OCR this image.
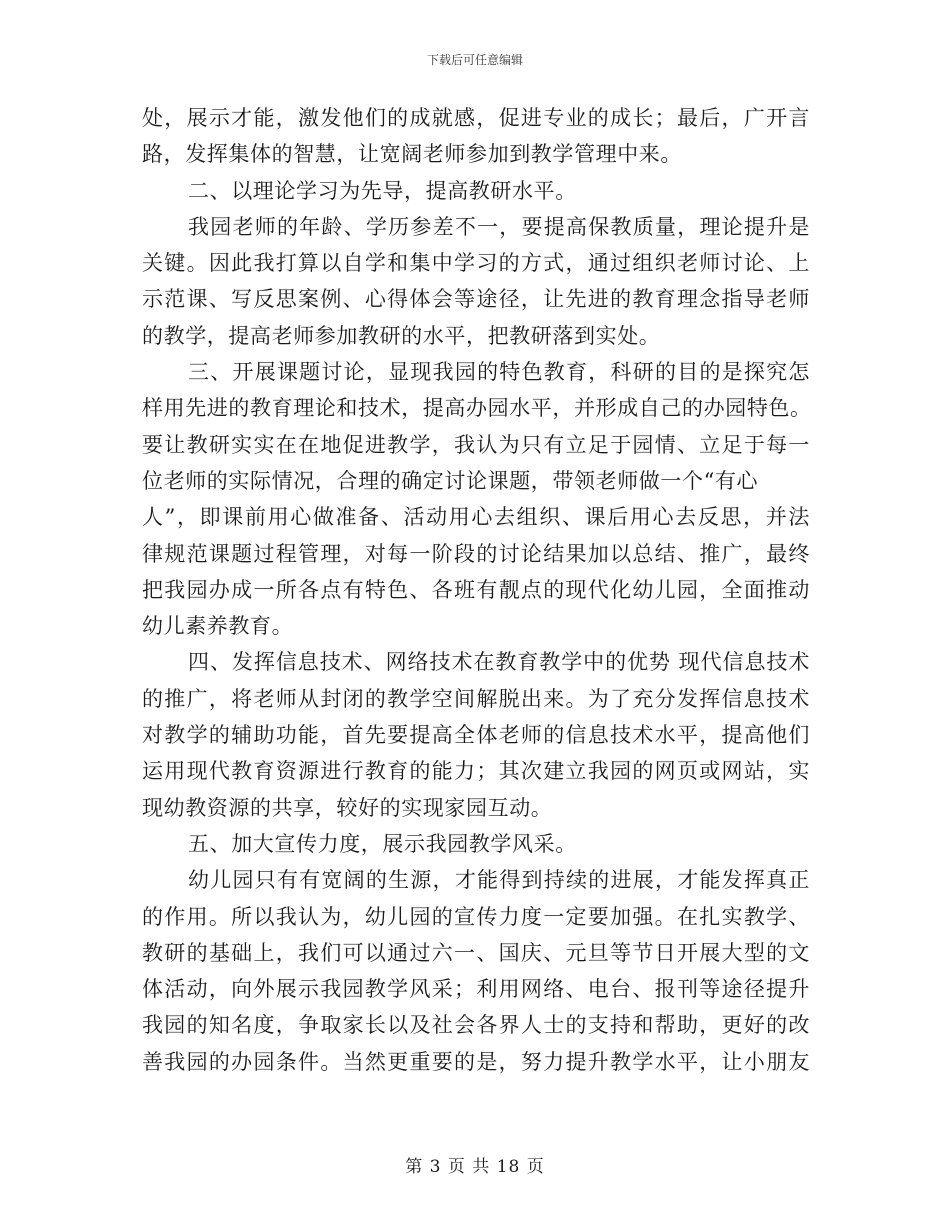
下载后可任意编辑
处，展示才能，激发他们的成就感，促进专业的成长；最后，广开言
路，发挥集体的智慧，让宽阔老师参加到教学管理中来。
二、以理论学习为先导，提高教研水平。
我园老师的年龄、学历参差不一，要提高保教质量，理论提升是
关键。因此我打算以自学和集中学习的方式，通过组织老师讨论、上
示范课、写反思案例、心得体会等途径，让先进的教育理念指导老师
的教学，提高老师参加教研的水平，把教研落到实处。
三、开展课题讨论，显现我园的特色教育，科研的目的是探究怎
样用先进的教育理论和技术，提高办园水平，并形成自己的办园特色。
要让教研实实在在地促进教学，我认为只有立足于园情、立足于每一
位老师的实际情况，合理的确定讨论课题，带领老师做一个“有心
人”，即课前用心做准备、活动用心去组织、课后用心去反思，并法
律规范课题过程管理，对每一阶段的讨论结果加以总结、推广，最终
把我园办成一所各点有特色、各班有靓点的现代化幼儿园，全面推动
幼儿素养教育。
四、发挥信息技术、网络技术在教育教学中的优势 现代信息技术
的推广，将老师从封闭的教学空间解脱出来。为了充分发挥信息技术
对教学的辅助功能，首先要提高全体老师的信息技术水平，提高他们
运用现代教育资源进行教育的能力；其次建立我园的网页或网站，实
现幼教资源的共享，较好的实现家园互动。
五、加大宣传力度，展示我园教学风采。
幼儿园只有有宽阔的生源，才能得到持续的进展，才能发挥真正
的作用。所以我认为，幼儿园的宣传力度一定要加强。在扎实教学、
教研的基础上，我们可以通过六一、国庆、元旦等节日开展大型的文
体活动，向外展示我园教学风采；利用网络、电台、报刊等途径提升
我园的知名度，争取家长以及社会各界人士的支持和帮助，更好的改
善我园的办园条件。当然更重要的是，努力提升教学水平，让小朋友
第 3 页 共 18 页
